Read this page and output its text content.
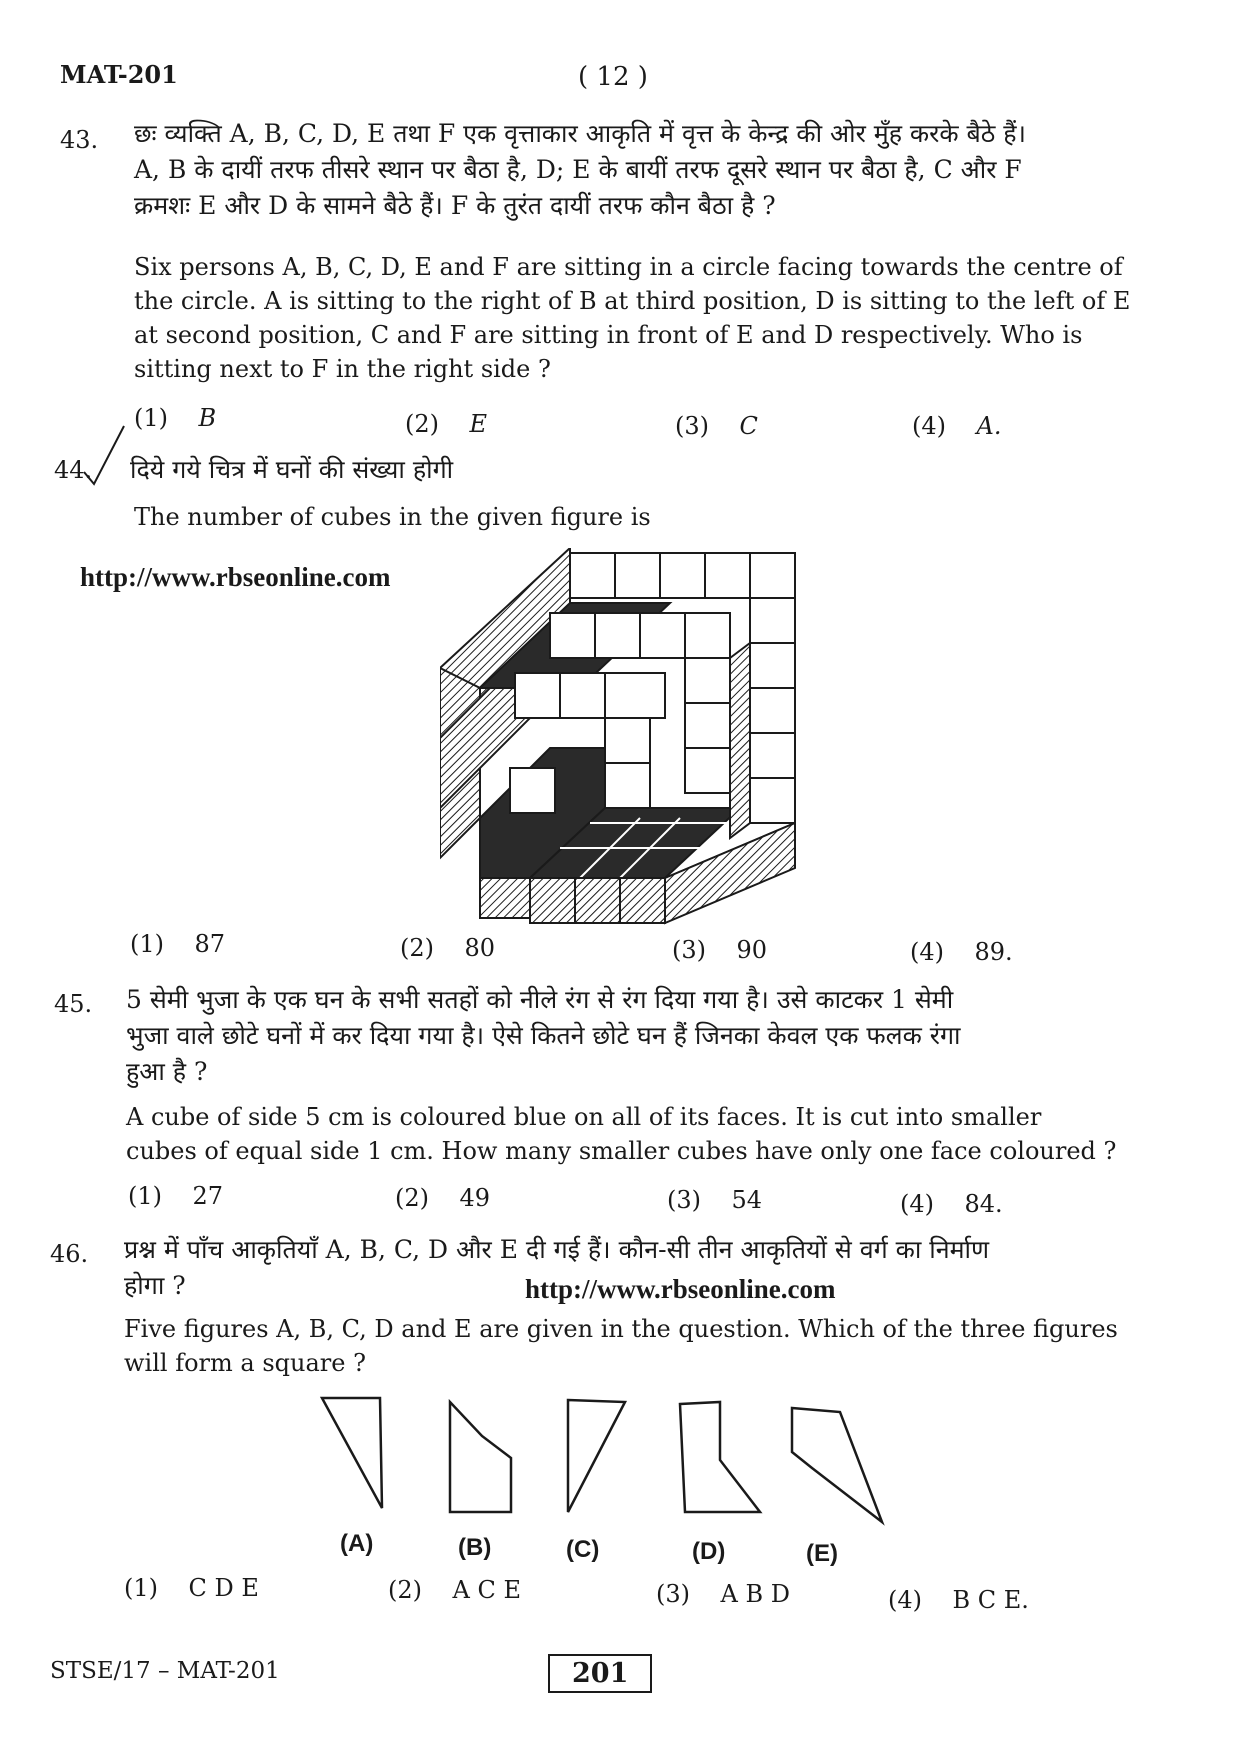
MAT-201	( 12 )
43. छः व्यक्ति A, B, C, D, E तथा F एक वृत्ताकार आकृति में वृत्त के केन्द्र की ओर मुँह करके बैठे हैं।
A, B के दायीं तरफ तीसरे स्थान पर बैठा है, D; E के बायीं तरफ दूसरे स्थान पर बैठा है, C और F
क्रमशः E और D के सामने बैठे हैं। F के तुरंत दायीं तरफ कौन बैठा है ?
Six persons A, B, C, D, E and F are sitting in a circle facing towards the centre of
the circle. A is sitting to the right of B at third position, D is sitting to the left of E
at second position, C and F are sitting in front of E and D respectively. Who is
sitting next to F in the right side ?
(1) B	(2) E	(3) C	(4) A.
44. दिये गये चित्र में घनों की संख्या होगी
The number of cubes in the given figure is
http://www.rbseonline.com
(1) 87	(2) 80	(3) 90	(4) 89.
45. 5 सेमी भुजा के एक घन के सभी सतहों को नीले रंग से रंग दिया गया है। उसे काटकर 1 सेमी
भुजा वाले छोटे घनों में कर दिया गया है। ऐसे कितने छोटे घन हैं जिनका केवल एक फलक रंगा
हुआ है ?
A cube of side 5 cm is coloured blue on all of its faces. It is cut into smaller
cubes of equal side 1 cm. How many smaller cubes have only one face coloured ?
(1) 27	(2) 49	(3) 54	(4) 84.
46. प्रश्न में पाँच आकृतियाँ A, B, C, D और E दी गई हैं। कौन-सी तीन आकृतियों से वर्ग का निर्माण
होगा ?	http://www.rbseonline.com
Five figures A, B, C, D and E are given in the question. Which of the three figures
will form a square ?
(A)	(B)	(C)	(D)	(E)
(1) C D E	(2) A C E	(3) A B D	(4) B C E.
STSE/17 – MAT-201	201
